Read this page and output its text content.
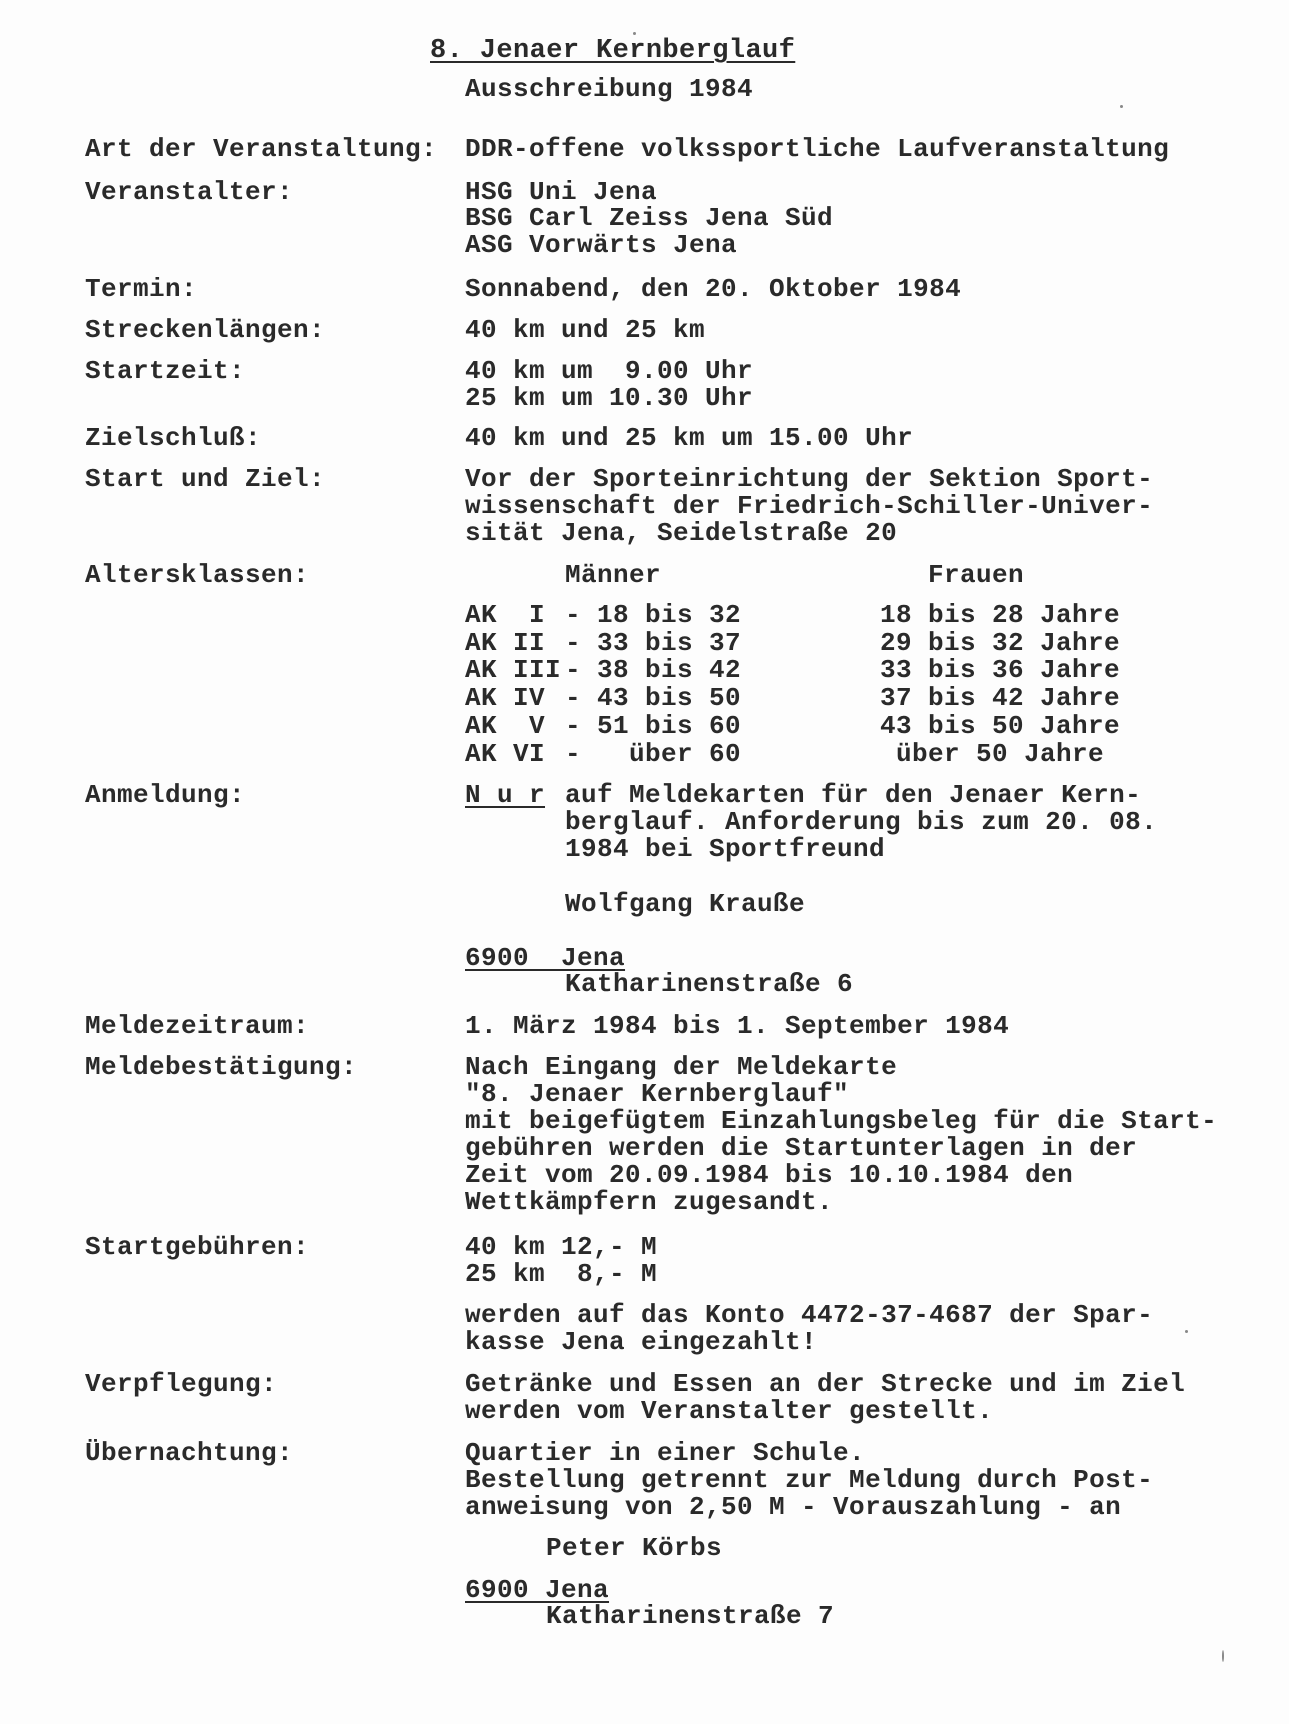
8. Jenaer Kernberglauf
Ausschreibung 1984
Art der Veranstaltung: DDR-offene volkssportliche Laufveranstaltung
Veranstalter:	HSG Uni Jena
BSG Carl Zeiss Jena Süd
ASG Vorwärts Jena
Termin:	Sonnabend, den 20. Oktober 1984
Streckenlängen:	40 km und 25 km
Startzeit:	40 km um  9.00 Uhr
25 km um 10.30 Uhr
Zielschluß:	40 km und 25 km um 15.00 Uhr
Start und Ziel:	Vor der Sporteinrichtung der Sektion Sport-
wissenschaft der Friedrich-Schiller-Univer-
sität Jena, Seidelstraße 20
Altersklassen:	Männer	Frauen
AK  I - 18 bis 32	18 bis 28 Jahre
AK II - 33 bis 37	29 bis 32 Jahre
AK III - 38 bis 42	33 bis 36 Jahre
AK IV - 43 bis 50	37 bis 42 Jahre
AK  V - 51 bis 60	43 bis 50 Jahre
AK VI -   über 60	über 50 Jahre
Anmeldung:	N u r auf Meldekarten für den Jenaer Kern-
berglauf. Anforderung bis zum 20. 08.
1984 bei Sportfreund
Wolfgang Krauße
6900  Jena
Katharinenstraße 6
Meldezeitraum:	1. März 1984 bis 1. September 1984
Meldebestätigung:	Nach Eingang der Meldekarte
"8. Jenaer Kernberglauf"
mit beigefügtem Einzahlungsbeleg für die Start-
gebühren werden die Startunterlagen in der
Zeit vom 20.09.1984 bis 10.10.1984 den
Wettkämpfern zugesandt.
Startgebühren:	40 km 12,- M
25 km  8,- M
werden auf das Konto 4472-37-4687 der Spar-
kasse Jena eingezahlt!
Verpflegung:	Getränke und Essen an der Strecke und im Ziel
werden vom Veranstalter gestellt.
Übernachtung:	Quartier in einer Schule.
Bestellung getrennt zur Meldung durch Post-
anweisung von 2,50 M - Vorauszahlung - an
Peter Körbs
6900 Jena
Katharinenstraße 7
